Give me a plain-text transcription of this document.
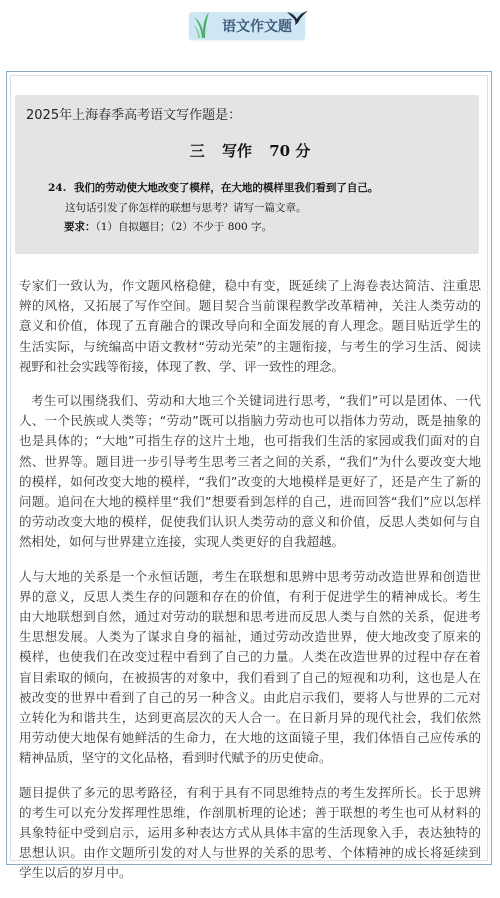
语文作文题
2025年上海春季高考语文写作题是：
三 写作 70 分
24. 我们的劳动使大地改变了模样，在大地的模样里我们看到了自己。
这句话引发了你怎样的联想与思考？请写一篇文章。
要求：（1）自拟题目；（2）不少于 800 字。

专家们一致认为，作文题风格稳健，稳中有变，既延续了上海卷表达简洁、注重思辨的风格，又拓展了写作空间。题目契合当前课程教学改革精神，关注人类劳动的意义和价值，体现了五育融合的课改导向和全面发展的育人理念。题目贴近学生的生活实际，与统编高中语文教材“劳动光荣”的主题衔接，与考生的学习生活、阅读视野和社会实践等衔接，体现了教、学、评一致性的理念。

考生可以围绕我们、劳动和大地三个关键词进行思考，“我们”可以是团体、一代人、一个民族或人类等；“劳动”既可以指脑力劳动也可以指体力劳动，既是抽象的也是具体的；“大地”可指生存的这片土地，也可指我们生活的家园或我们面对的自然、世界等。题目进一步引导考生思考三者之间的关系，“我们”为什么要改变大地的模样，如何改变大地的模样，“我们”改变的大地模样是更好了，还是产生了新的问题。追问在大地的模样里“我们”想要看到怎样的自己，进而回答“我们”应以怎样的劳动改变大地的模样，促使我们认识人类劳动的意义和价值，反思人类如何与自然相处，如何与世界建立连接，实现人类更好的自我超越。

人与大地的关系是一个永恒话题，考生在联想和思辨中思考劳动改造世界和创造世界的意义，反思人类生存的问题和存在的价值，有利于促进学生的精神成长。考生由大地联想到自然，通过对劳动的联想和思考进而反思人类与自然的关系，促进考生思想发展。人类为了谋求自身的福祉，通过劳动改造世界，使大地改变了原来的模样，也使我们在改变过程中看到了自己的力量。人类在改造世界的过程中存在着盲目索取的倾向，在被损害的对象中，我们看到了自己的短视和功利，这也是人在被改变的世界中看到了自己的另一种含义。由此启示我们，要将人与世界的二元对立转化为和谐共生，达到更高层次的天人合一。在日新月异的现代社会，我们依然用劳动使大地保有她鲜活的生命力，在大地的这面镜子里，我们体悟自己应传承的精神品质，坚守的文化品格，看到时代赋予的历史使命。

题目提供了多元的思考路径，有利于具有不同思维特点的考生发挥所长。长于思辨的考生可以充分发挥理性思维，作剖肌析理的论述；善于联想的考生也可从材料的具象特征中受到启示，运用多种表达方式从具体丰富的生活现象入手，表达独特的思想认识。由作文题所引发的对人与世界的关系的思考、个体精神的成长将延续到学生以后的岁月中。
